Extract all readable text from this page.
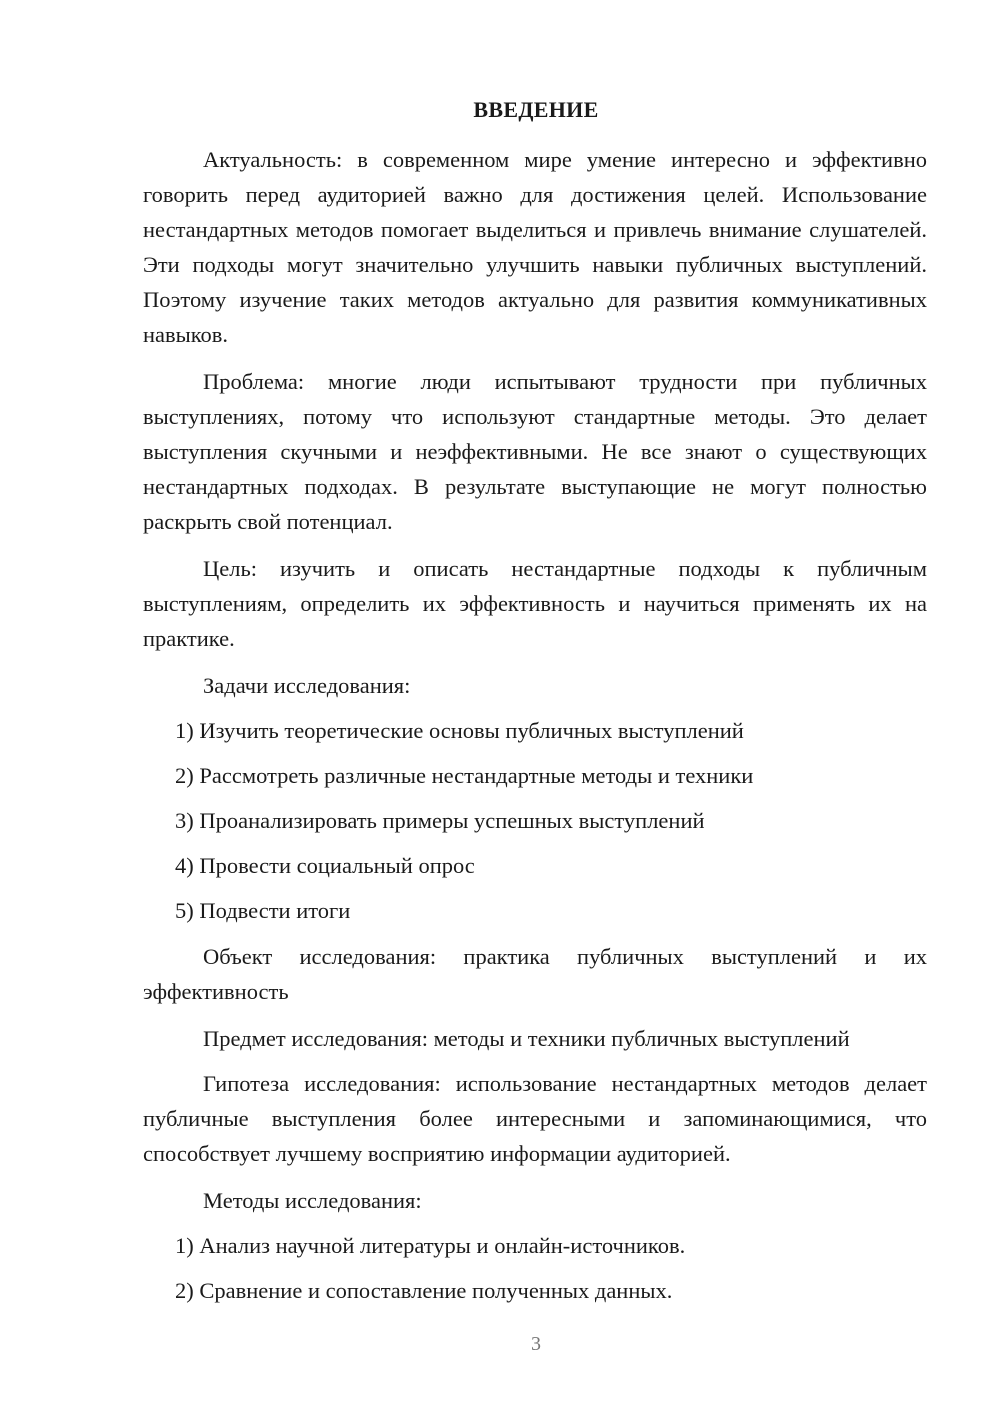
ВВЕДЕНИЕ

Актуальность: в современном мире умение интересно и эффективно говорить перед аудиторией важно для достижения целей. Использование нестандартных методов помогает выделиться и привлечь внимание слушателей. Эти подходы могут значительно улучшить навыки публичных выступлений. Поэтому изучение таких методов актуально для развития коммуникативных навыков.

Проблема: многие люди испытывают трудности при публичных выступлениях, потому что используют стандартные методы. Это делает выступления скучными и неэффективными. Не все знают о существующих нестандартных подходах. В результате выступающие не могут полностью раскрыть свой потенциал.

Цель: изучить и описать нестандартные подходы к публичным выступлениям, определить их эффективность и научиться применять их на практике.

Задачи исследования:

1) Изучить теоретические основы публичных выступлений

2) Рассмотреть различные нестандартные методы и техники

3) Проанализировать примеры успешных выступлений

4) Провести социальный опрос

5) Подвести итоги

Объект исследования: практика публичных выступлений и их эффективность

Предмет исследования: методы и техники публичных выступлений

Гипотеза исследования: использование нестандартных методов делает публичные выступления более интересными и запоминающимися, что способствует лучшему восприятию информации аудиторией.

Методы исследования:

1) Анализ научной литературы и онлайн-источников.

2) Сравнение и сопоставление полученных данных.

3
